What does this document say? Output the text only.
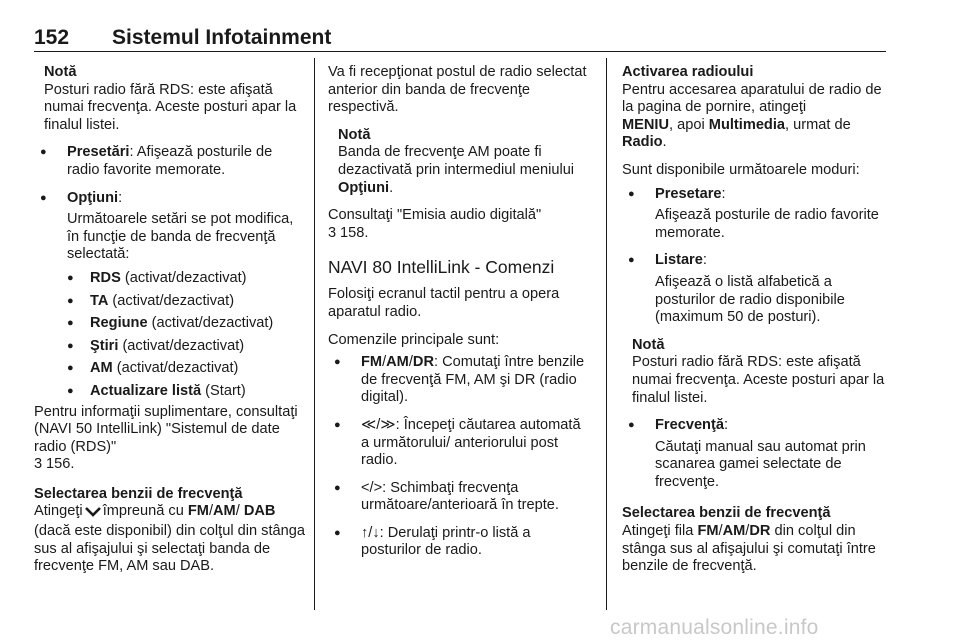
152 Sistemul Infotainment
Notă
Posturi radio fără RDS: este afişată numai frecvenţa. Aceste posturi apar la finalul listei.
● Presetări: Afişează posturile de radio favorite memorate.
● Opţiuni:
Următoarele setări se pot modifica, în funcţie de banda de frecvenţă selectată:
● RDS (activat/dezactivat)
● TA (activat/dezactivat)
● Regiune (activat/dezactivat)
● Ştiri (activat/dezactivat)
● AM (activat/dezactivat)
● Actualizare listă (Start)
Pentru informaţii suplimentare, consultaţi (NAVI 50 IntelliLink) "Sistemul de date radio (RDS)"
3 156.
Selectarea benzii de frecvenţă
Atingeţi împreună cu FM/AM/ DAB (dacă este disponibil) din colţul din stânga sus al afişajului şi selectaţi banda de frecvenţe FM, AM sau DAB.
Va fi recepţionat postul de radio selectat anterior din banda de frecvenţe respectivă.
Notă
Banda de frecvenţe AM poate fi dezactivată prin intermediul meniului Opţiuni.
Consultaţi "Emisia audio digitală"
3 158.
NAVI 80 IntelliLink - Comenzi
Folosiţi ecranul tactil pentru a opera aparatul radio.
Comenzile principale sunt:
● FM/AM/DR: Comutaţi între benzile de frecvenţă FM, AM şi DR (radio digital).
● ≪/≫: Începeţi căutarea automată a următorului/ anteriorului post radio.
● </>: Schimbaţi frecvenţa următoare/anterioară în trepte.
● ↑/↓: Derulaţi printr-o listă a posturilor de radio.
Activarea radioului
Pentru accesarea aparatului de radio de la pagina de pornire, atingeţi
MENIU, apoi Multimedia, urmat de
Radio.
Sunt disponibile următoarele moduri:
● Presetare:
Afişează posturile de radio favorite memorate.
● Listare:
Afişează o listă alfabetică a posturilor de radio disponibile (maximum 50 de posturi).
Notă
Posturi radio fără RDS: este afişată numai frecvenţa. Aceste posturi apar la finalul listei.
● Frecvenţă:
Căutaţi manual sau automat prin scanarea gamei selectate de frecvenţe.
Selectarea benzii de frecvenţă
Atingeţi fila FM/AM/DR din colţul din stânga sus al afişajului şi comutaţi între benzile de frecvenţă.
carmanualsonline.info
